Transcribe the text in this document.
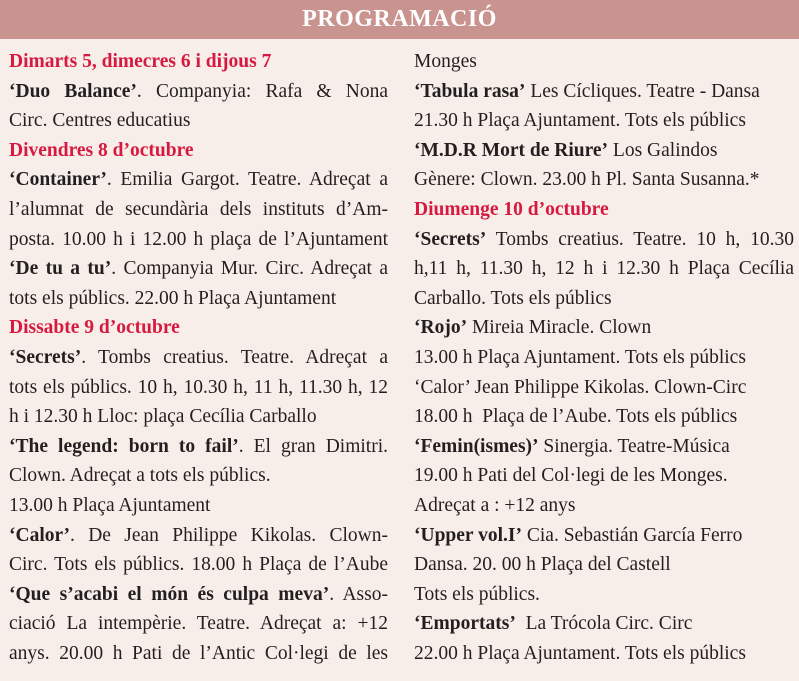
PROGRAMACIÓ
Dimarts 5, dimecres 6 i dijous 7
‘Duo Balance’. Companyia: Rafa & Nona
Circ. Centres educatius
Divendres 8 d’octubre
‘Container’. Emilia Gargot. Teatre. Adreçat a
l’alumnat de secundària dels instituts d’Am-
posta. 10.00 h i 12.00 h plaça de l’Ajuntament
‘De tu a tu’. Companyia Mur. Circ. Adreçat a
tots els públics. 22.00 h Plaça Ajuntament
Dissabte 9 d’octubre
‘Secrets’. Tombs creatius. Teatre. Adreçat a
tots els públics. 10 h, 10.30 h, 11 h, 11.30 h, 12
h i 12.30 h Lloc: plaça Cecília Carballo
‘The legend: born to fail’. El gran Dimitri.
Clown. Adreçat a tots els públics.
13.00 h Plaça Ajuntament
‘Calor’. De Jean Philippe Kikolas. Clown-
Circ. Tots els públics. 18.00 h Plaça de l’Aube
‘Que s’acabi el món és culpa meva’. Asso-
ciació La intempèrie. Teatre. Adreçat a: +12
anys. 20.00 h Pati de l’Antic Col·legi de les
Monges
‘Tabula rasa’ Les Cícliques. Teatre - Dansa
21.30 h Plaça Ajuntament. Tots els públics
‘M.D.R Mort de Riure’ Los Galindos
Gènere: Clown. 23.00 h Pl. Santa Susanna.*
Diumenge 10 d’octubre
‘Secrets’ Tombs creatius. Teatre. 10 h, 10.30
h,11 h, 11.30 h, 12 h i 12.30 h Plaça Cecília
Carballo. Tots els públics
‘Rojo’ Mireia Miracle. Clown
13.00 h Plaça Ajuntament. Tots els públics
‘Calor’ Jean Philippe Kikolas. Clown-Circ
18.00 h  Plaça de l’Aube. Tots els públics
‘Femin(ismes)’ Sinergia. Teatre-Música
19.00 h Pati del Col·legi de les Monges.
Adreçat a : +12 anys
‘Upper vol.I’ Cia. Sebastián García Ferro
Dansa. 20. 00 h Plaça del Castell
Tots els públics.
‘Emportats’ La Trócola Circ. Circ
22.00 h Plaça Ajuntament. Tots els públics
